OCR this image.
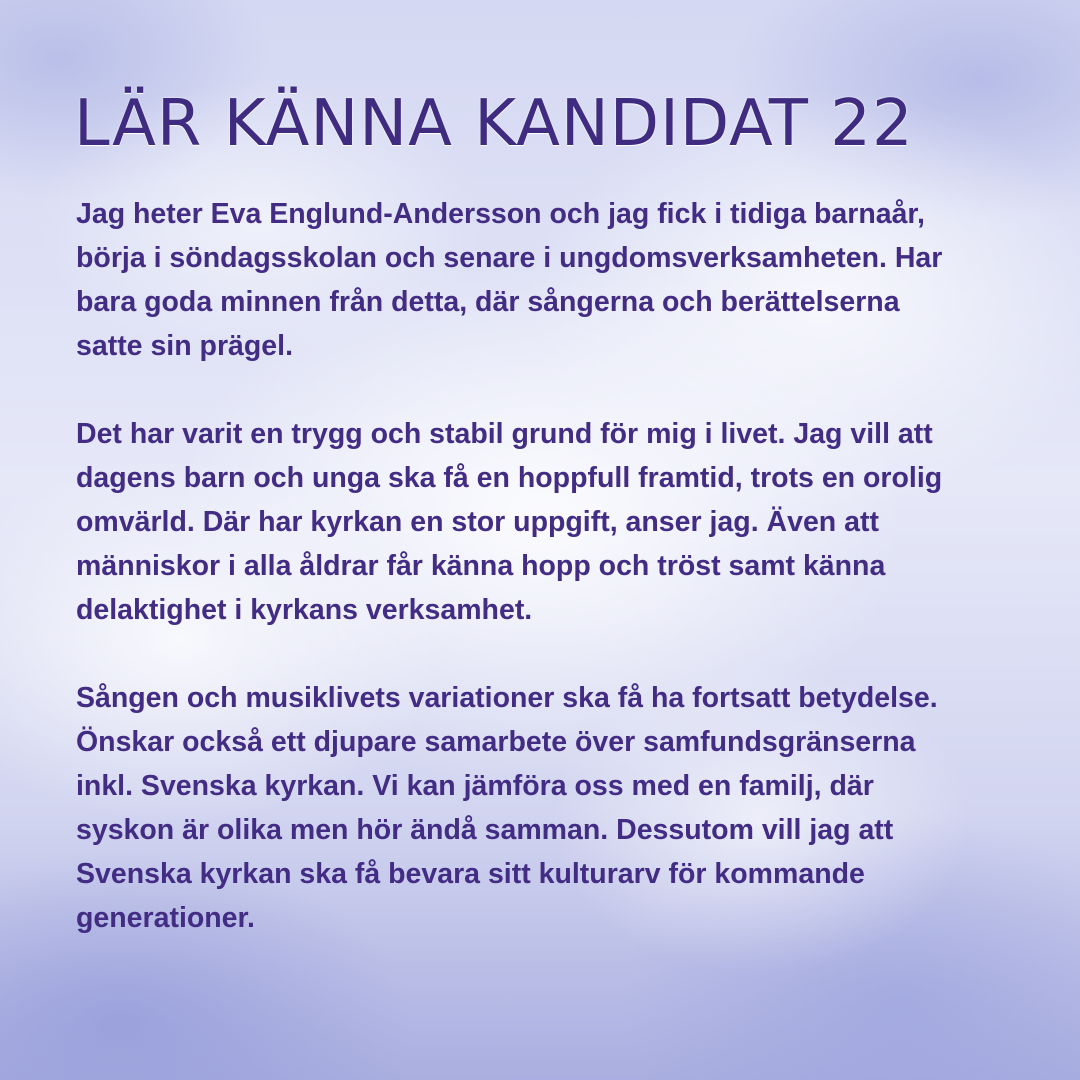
LÄR KÄNNA KANDIDAT 22

Jag heter Eva Englund-Andersson och jag fick i tidiga barnaår,
börja i söndagsskolan och senare i ungdomsverksamheten. Har
bara goda minnen från detta, där sångerna och berättelserna
satte sin prägel.

Det har varit en trygg och stabil grund för mig i livet. Jag vill att
dagens barn och unga ska få en hoppfull framtid, trots en orolig
omvärld. Där har kyrkan en stor uppgift, anser jag. Även att
människor i alla åldrar får känna hopp och tröst samt känna
delaktighet i kyrkans verksamhet.

Sången och musiklivets variationer ska få ha fortsatt betydelse.
Önskar också ett djupare samarbete över samfundsgränserna
inkl. Svenska kyrkan. Vi kan jämföra oss med en familj, där
syskon är olika men hör ändå samman. Dessutom vill jag att
Svenska kyrkan ska få bevara sitt kulturarv för kommande
generationer.
